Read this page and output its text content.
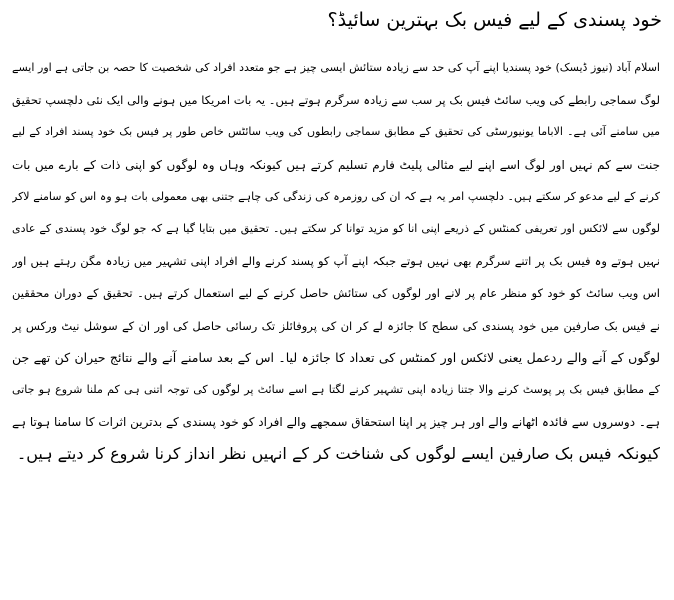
خود پسندی کے لیے فیس بک بہترین سائیڈ؟
اسلام آباد (نیوز ڈیسک) خود پسندیا اپنے آپ کی حد سے زیادہ ستائش ایسی چیز ہے جو متعدد افراد کی شخصیت کا حصہ بن جاتی ہے اور ایسے
لوگ سماجی رابطے کی ویب سائٹ فیس بک پر سب سے زیادہ سرگرم ہوتے ہیں۔ یہ بات امریکا میں ہونے والی ایک نئی دلچسپ تحقیق
میں سامنے آئی ہے۔ الاباما یونیورسٹی کی تحقیق کے مطابق سماجی رابطوں کی ویب سائٹس خاص طور پر فیس بک خود پسند افراد کے لیے
جنت سے کم نہیں اور لوگ اسے اپنے لیے مثالی پلیٹ فارم تسلیم کرتے ہیں کیونکہ وہاں وہ لوگوں کو اپنی ذات کے بارے میں بات
کرنے کے لیے مدعو کر سکتے ہیں۔ دلچسپ امر یہ ہے کہ ان کی روزمرہ کی زندگی کی چاہے جتنی بھی معمولی بات ہو وہ اس کو سامنے لاکر
لوگوں سے لائکس اور تعریفی کمنٹس کے ذریعے اپنی انا کو مزید توانا کر سکتے ہیں۔ تحقیق میں بتایا گیا ہے کہ جو لوگ خود پسندی کے عادی
نہیں ہوتے وہ فیس بک پر اتنے سرگرم بھی نہیں ہوتے جبکہ اپنے آپ کو پسند کرنے والے افراد اپنی تشہیر میں زیادہ مگن رہتے ہیں اور
اس ویب سائٹ کو خود کو منظر عام پر لانے اور لوگوں کی ستائش حاصل کرنے کے لیے استعمال کرتے ہیں۔ تحقیق کے دوران محققین
نے فیس بک صارفین میں خود پسندی کی سطح کا جائزہ لے کر ان کی پروفائلز تک رسائی حاصل کی اور ان کے سوشل نیٹ ورکس پر
لوگوں کے آنے والے ردعمل یعنی لائکس اور کمنٹس کی تعداد کا جائزہ لیا۔ اس کے بعد سامنے آنے والے نتائج حیران کن تھے جن
کے مطابق فیس بک پر پوسٹ کرنے والا جتنا زیادہ اپنی تشہیر کرنے لگتا ہے اسے سائٹ پر لوگوں کی توجہ اتنی ہی کم ملنا شروع ہو جاتی
ہے۔ دوسروں سے فائدہ اٹھانے والے اور ہر چیز پر اپنا استحقاق سمجھے والے افراد کو خود پسندی کے بدترین اثرات کا سامنا ہوتا ہے
کیونکہ فیس بک صارفین ایسے لوگوں کی شناخت کر کے انہیں نظر انداز کرنا شروع کر دیتے ہیں۔
